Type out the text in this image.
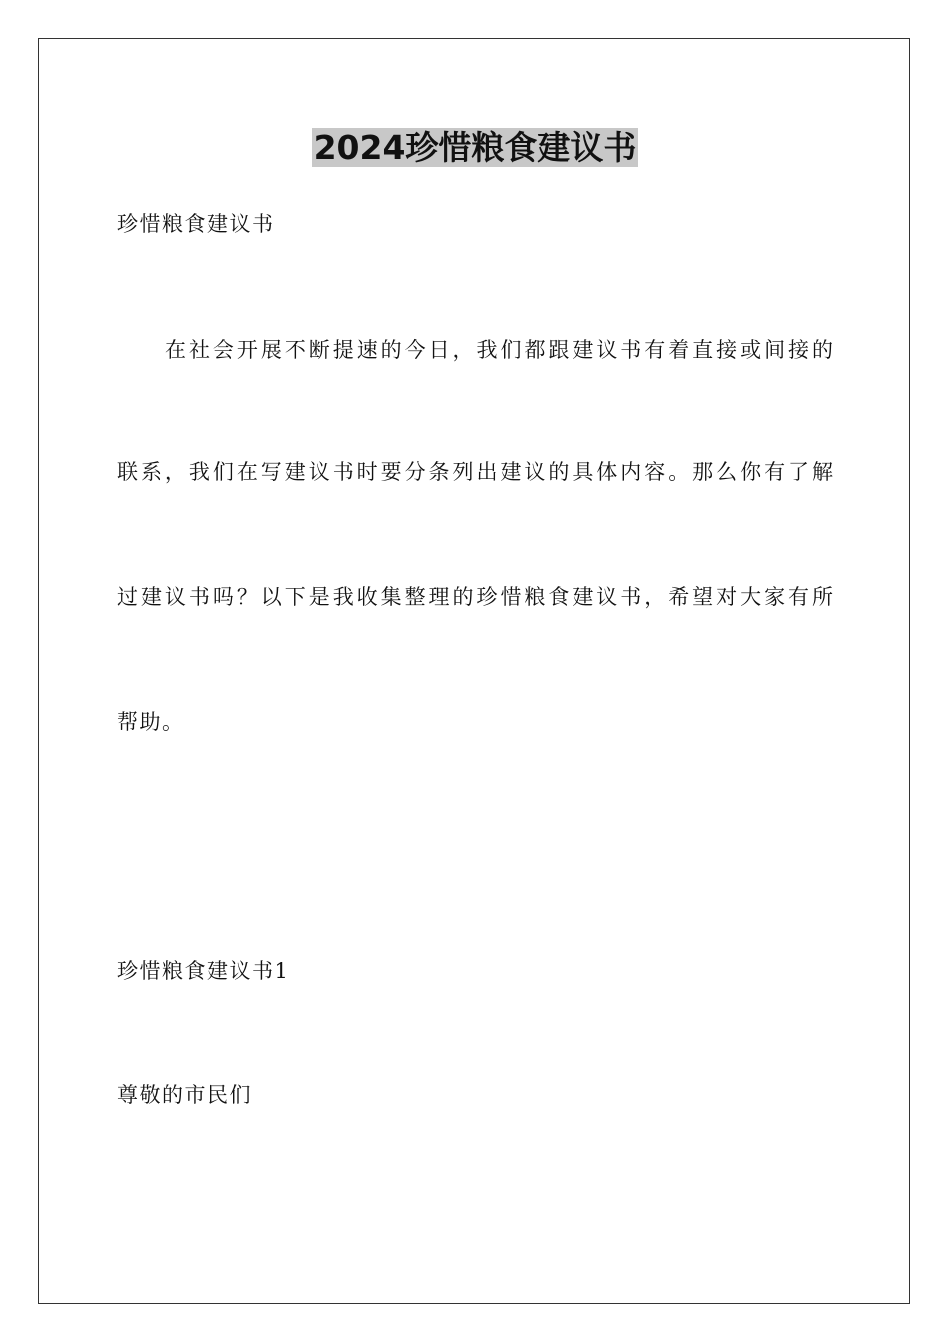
2024珍惜粮食建议书
珍惜粮食建议书
在社会开展不断提速的今日，我们都跟建议书有着直接或间接的
联系，我们在写建议书时要分条列出建议的具体内容。那么你有了解
过建议书吗？以下是我收集整理的珍惜粮食建议书，希望对大家有所
帮助。
珍惜粮食建议书1
尊敬的市民们
